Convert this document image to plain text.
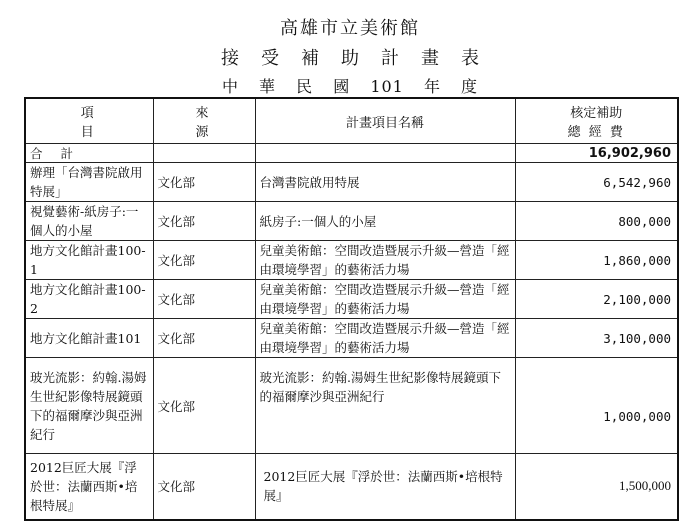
高雄市立美術館
接受補助計畫表
中 華 民 國 101 年 度
項目	來源	計畫項目名稱	核定補助
總 經 費

合 計			16,902,960
辦理「台灣書院啟用特展」	文化部	台灣書院啟用特展	6,542,960
視覺藝術-紙房子:一個人的小屋	文化部	紙房子:一個人的小屋	800,000
地方文化館計畫100-1	文化部	兒童美術館：空間改造暨展示升級—營造「經由環境學習」的藝術活力場	1,860,000
地方文化館計畫100-2	文化部	兒童美術館：空間改造暨展示升級—營造「經由環境學習」的藝術活力場	2,100,000
地方文化館計畫101	文化部	兒童美術館：空間改造暨展示升級—營造「經由環境學習」的藝術活力場	3,100,000
玻光流影：約翰.湯姆生世紀影像特展鏡頭下的福爾摩沙與亞洲紀行	文化部	玻光流影：約翰.湯姆生世紀影像特展鏡頭下的福爾摩沙與亞洲紀行	1,000,000
2012巨匠大展『浮於世：法蘭西斯•培根特展』	文化部	2012巨匠大展『浮於世：法蘭西斯•培根特展』	1,500,000
